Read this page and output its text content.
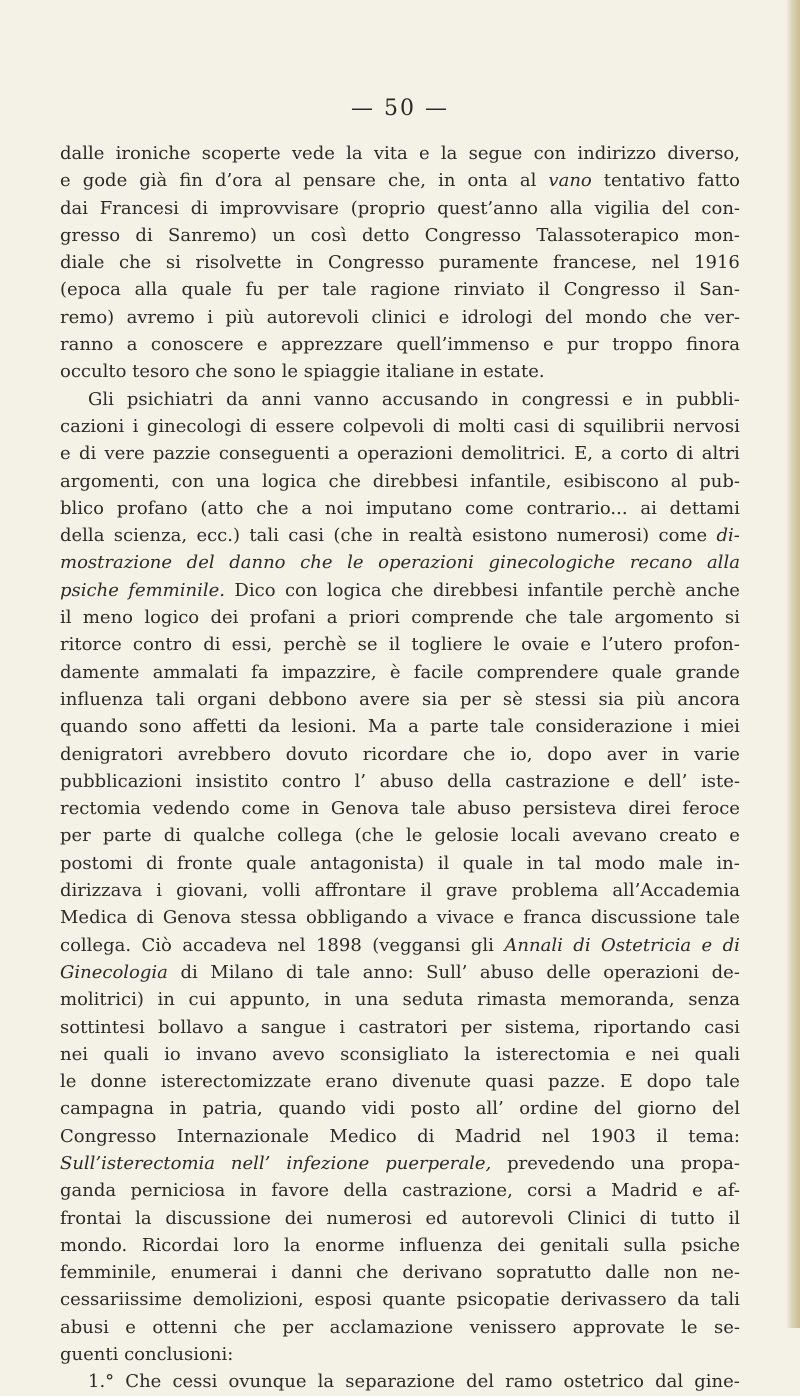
— 50 —
dalle ironiche scoperte vede la vita e la segue con indirizzo diverso,
e gode già fin d’ora al pensare che, in onta al vano tentativo fatto
dai Francesi di improvvisare (proprio quest’anno alla vigilia del con-
gresso di Sanremo) un così detto Congresso Talassoterapico mon-
diale che si risolvette in Congresso puramente francese, nel 1916
(epoca alla quale fu per tale ragione rinviato il Congresso il San-
remo) avremo i più autorevoli clinici e idrologi del mondo che ver-
ranno a conoscere e apprezzare quell’immenso e pur troppo finora
occulto tesoro che sono le spiaggie italiane in estate.
Gli psichiatri da anni vanno accusando in congressi e in pubbli-
cazioni i ginecologi di essere colpevoli di molti casi di squilibrii nervosi
e di vere pazzie conseguenti a operazioni demolitrici. E, a corto di altri
argomenti, con una logica che direbbesi infantile, esibiscono al pub-
blico profano (atto che a noi imputano come contrario... ai dettami
della scienza, ecc.) tali casi (che in realtà esistono numerosi) come di-
mostrazione del danno che le operazioni ginecologiche recano alla
psiche femminile. Dico con logica che direbbesi infantile perchè anche
il meno logico dei profani a priori comprende che tale argomento si
ritorce contro di essi, perchè se il togliere le ovaie e l’utero profon-
damente ammalati fa impazzire, è facile comprendere quale grande
influenza tali organi debbono avere sia per sè stessi sia più ancora
quando sono affetti da lesioni. Ma a parte tale considerazione i miei
denigratori avrebbero dovuto ricordare che io, dopo aver in varie
pubblicazioni insistito contro l’ abuso della castrazione e dell’ iste-
rectomia vedendo come in Genova tale abuso persisteva direi feroce
per parte di qualche collega (che le gelosie locali avevano creato e
postomi di fronte quale antagonista) il quale in tal modo male in-
dirizzava i giovani, volli affrontare il grave problema all’Accademia
Medica di Genova stessa obbligando a vivace e franca discussione tale
collega. Ciò accadeva nel 1898 (veggansi gli Annali di Ostetricia e di
Ginecologia di Milano di tale anno: Sull’ abuso delle operazioni de-
molitrici) in cui appunto, in una seduta rimasta memoranda, senza
sottintesi bollavo a sangue i castratori per sistema, riportando casi
nei quali io invano avevo sconsigliato la isterectomia e nei quali
le donne isterectomizzate erano divenute quasi pazze. E dopo tale
campagna in patria, quando vidi posto all’ ordine del giorno del
Congresso Internazionale Medico di Madrid nel 1903 il tema:
Sull’isterectomia nell’ infezione puerperale, prevedendo una propa-
ganda perniciosa in favore della castrazione, corsi a Madrid e af-
frontai la discussione dei numerosi ed autorevoli Clinici di tutto il
mondo. Ricordai loro la enorme influenza dei genitali sulla psiche
femminile, enumerai i danni che derivano sopratutto dalle non ne-
cessariissime demolizioni, esposi quante psicopatie derivassero da tali
abusi e ottenni che per acclamazione venissero approvate le se-
guenti conclusioni:
1.° Che cessi ovunque la separazione del ramo ostetrico dal gine-
